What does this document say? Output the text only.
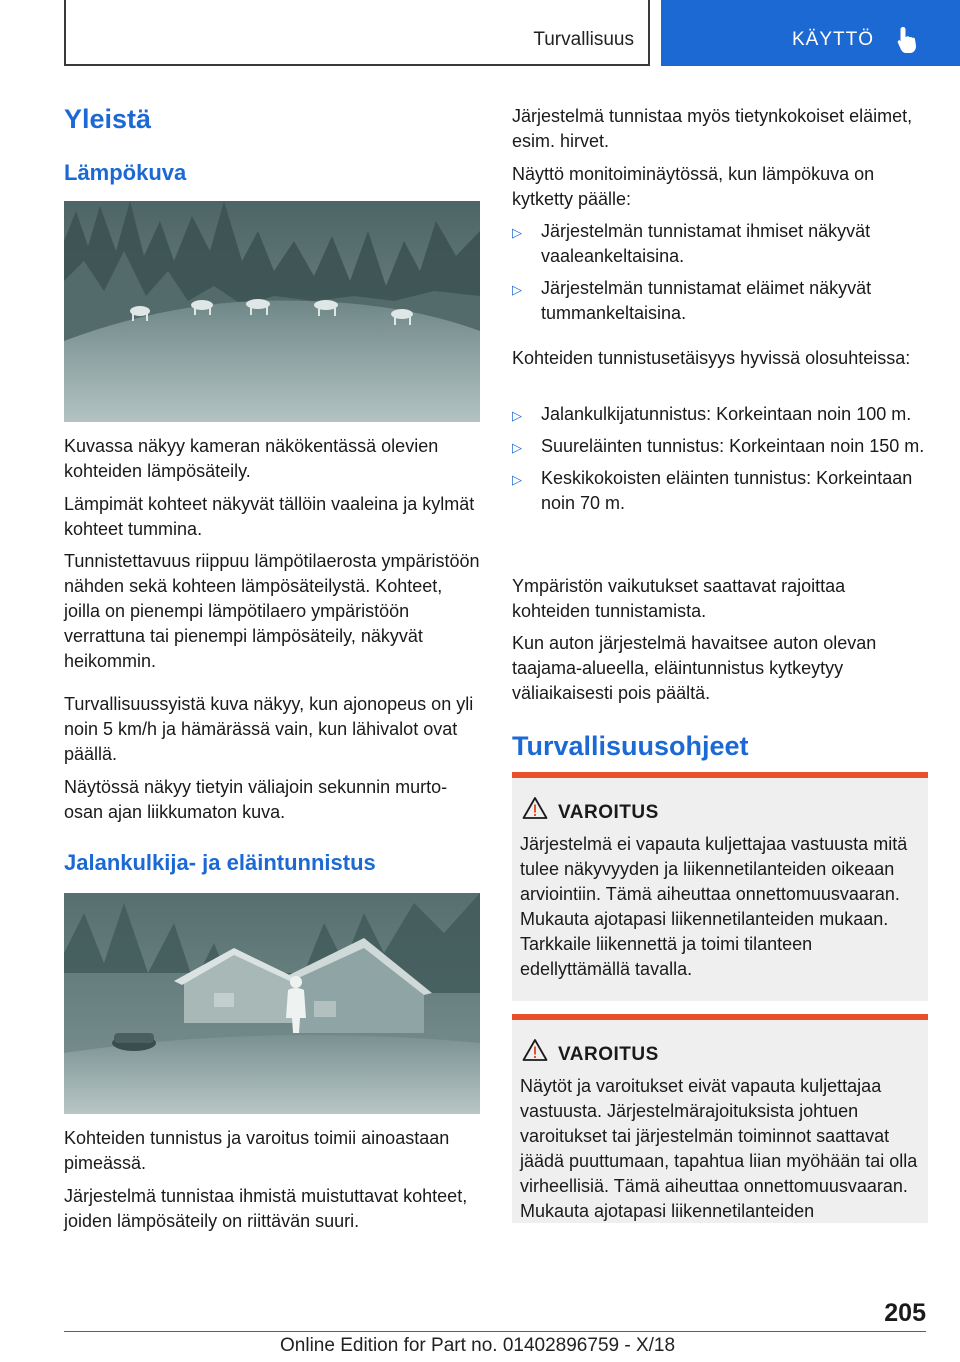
Turvallisuus	KÄYTTÖ
Yleistä
Lämpökuva

Kuvassa näkyy kameran näkökentässä olevien kohteiden lämpösäteily.

Lämpimät kohteet näkyvät tällöin vaaleina ja kylmät kohteet tummina.

Tunnistettavuus riippuu lämpötilaerosta ympäristöön nähden sekä kohteen lämpösäteilystä. Kohteet, joilla on pienempi lämpötilaero ympäristöön verrattuna tai pienempi lämpösäteily, näkyvät heikommin.

Turvallisuussyistä kuva näkyy, kun ajonopeus on yli noin 5 km/h ja hämärässä vain, kun lähivalot ovat päällä.

Näytössä näkyy tietyin väliajoin sekunnin murto-osan ajan liikkumaton kuva.

Jalankulkija- ja eläintunnistus

Kohteiden tunnistus ja varoitus toimii ainoastaan pimeässä.

Järjestelmä tunnistaa ihmistä muistuttavat kohteet, joiden lämpösäteily on riittävän suuri.

Järjestelmä tunnistaa myös tietynkokoiset eläimet, esim. hirvet.

Näyttö monitoiminäytössä, kun lämpökuva on kytketty päälle:

▷ Järjestelmän tunnistamat ihmiset näkyvät vaaleankeltaisina.
▷ Järjestelmän tunnistamat eläimet näkyvät tummankeltaisina.

Kohteiden tunnistusetäisyys hyvissä olosuhteissa:

▷ Jalankulkijatunnistus: Korkeintaan noin 100 m.
▷ Suureläinten tunnistus: Korkeintaan noin 150 m.
▷ Keskikokoisten eläinten tunnistus: Korkeintaan noin 70 m.

Ympäristön vaikutukset saattavat rajoittaa kohteiden tunnistamista.

Kun auton järjestelmä havaitsee auton olevan taajama-alueella, eläintunnistus kytkeytyy väliaikaisesti pois päältä.

Turvallisuusohjeet
VAROITUS

Järjestelmä ei vapauta kuljettajaa vastuusta mitä tulee näkyvyyden ja liikennetilanteiden oikeaan arviointiin. Tämä aiheuttaa onnettomuusvaaran. Mukauta ajotapasi liikennetilanteiden mukaan. Tarkkaile liikennettä ja toimi tilanteen edellyttämällä tavalla.

VAROITUS

Näytöt ja varoitukset eivät vapauta kuljettajaa vastuusta. Järjestelmärajoituksista johtuen varoitukset tai järjestelmän toiminnot saattavat jäädä puuttumaan, tapahtua liian myöhään tai olla virheellisiä. Tämä aiheuttaa onnettomuusvaaran. Mukauta ajotapasi liikennetilanteiden

205
Online Edition for Part no. 01402896759 - X/18
